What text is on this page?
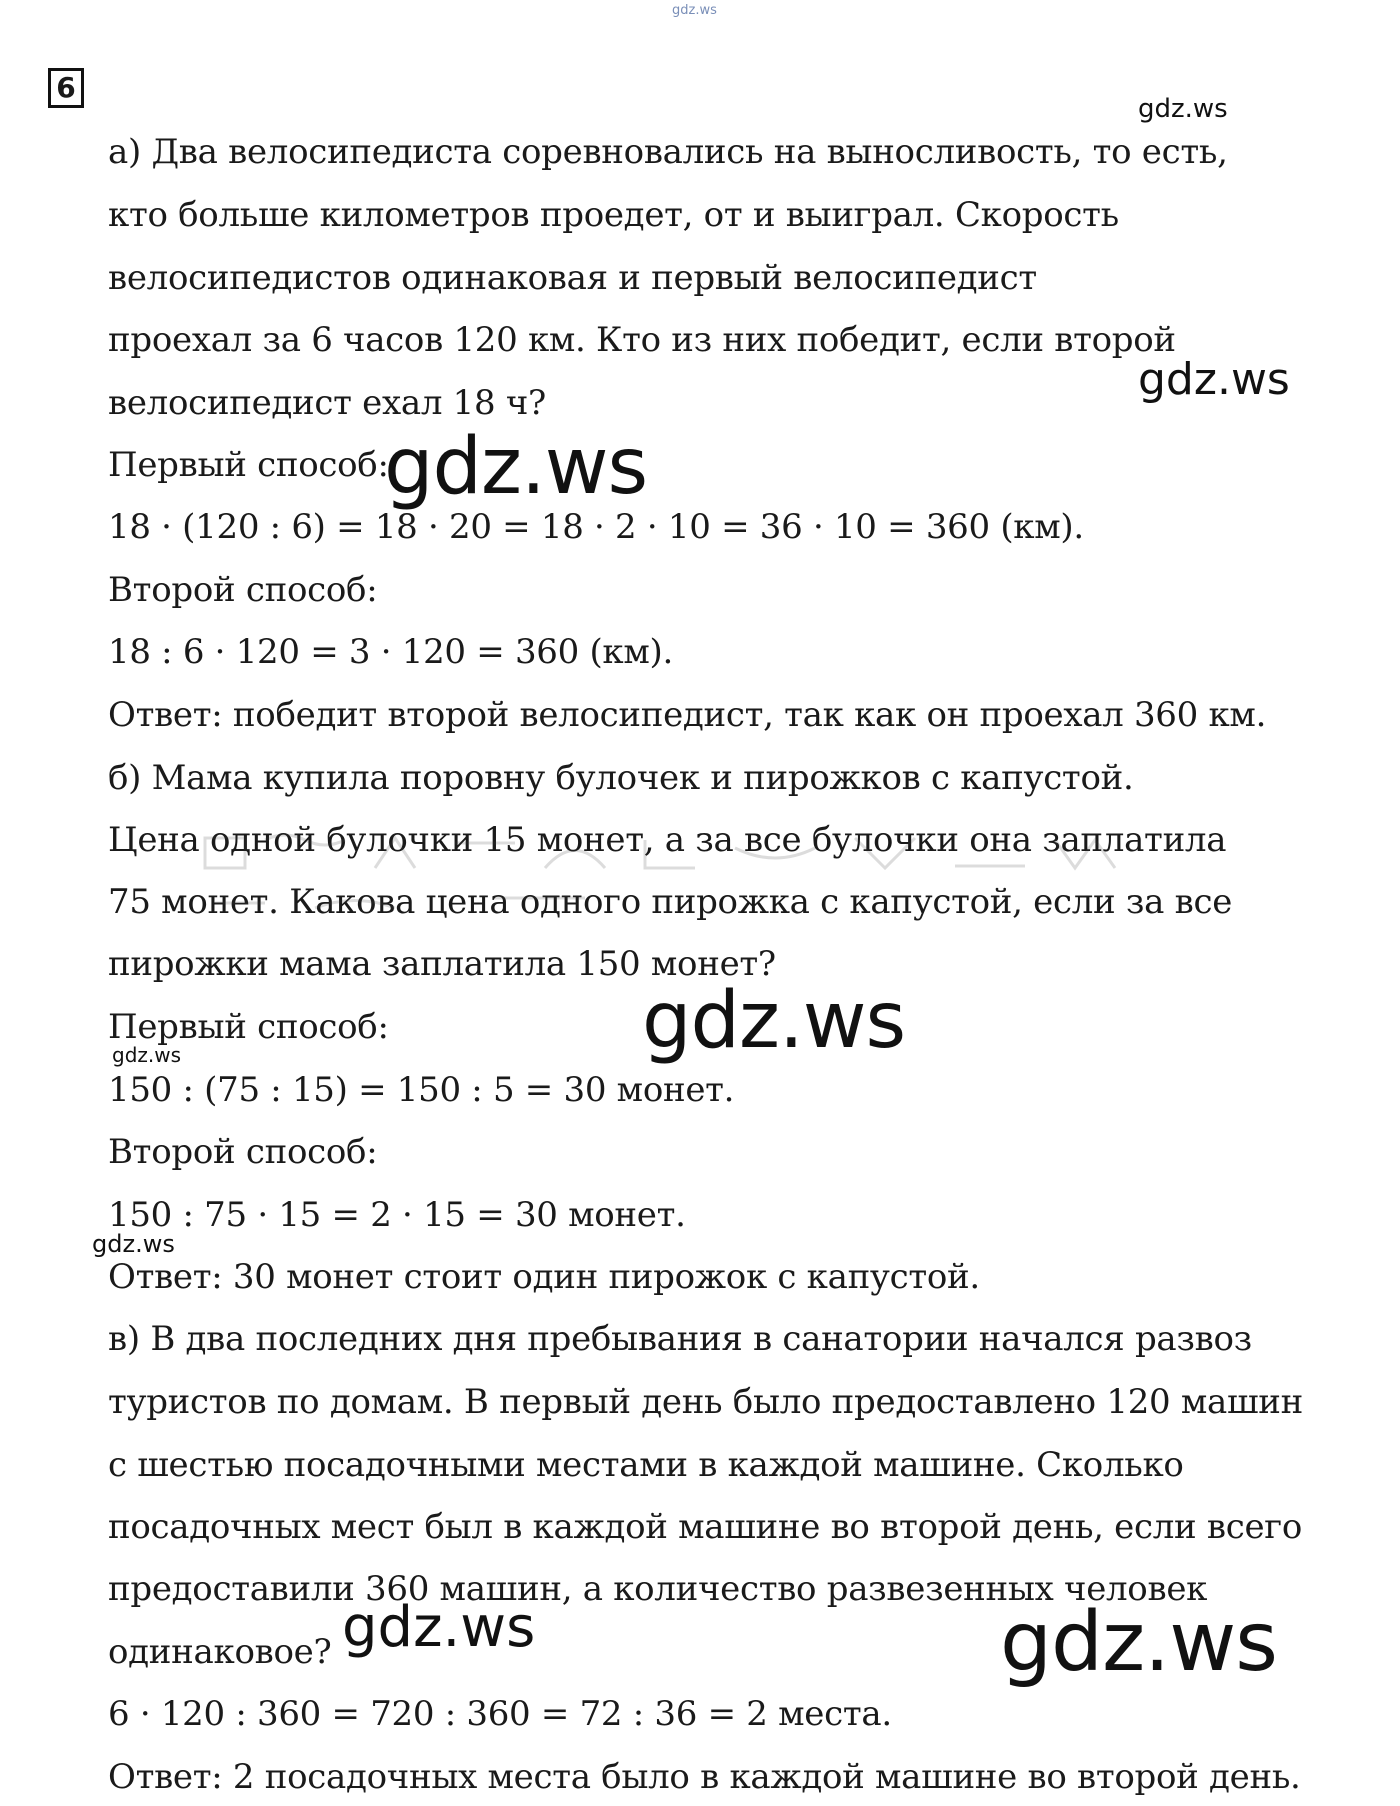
gdz.ws
6
а) Два велосипедиста соревновались на выносливость, то есть,
кто больше километров проедет, от и выиграл. Скорость
велосипедистов одинаковая и первый велосипедист
проехал за 6 часов 120 км. Кто из них победит, если второй
велосипедист ехал 18 ч?
Первый способ:
18 · (120 : 6) = 18 · 20 = 18 · 2 · 10 = 36 · 10 = 360 (км).
Второй способ:
18 : 6 · 120 = 3 · 120 = 360 (км).
Ответ: победит второй велосипедист, так как он проехал 360 км.
б) Мама купила поровну булочек и пирожков с капустой.
Цена одной булочки 15 монет, а за все булочки она заплатила
75 монет. Какова цена одного пирожка с капустой, если за все
пирожки мама заплатила 150 монет?
Первый способ:
150 : (75 : 15) = 150 : 5 = 30 монет.
Второй способ:
150 : 75 · 15 = 2 · 15 = 30 монет.
Ответ: 30 монет стоит один пирожок с капустой.
в) В два последних дня пребывания в санатории начался развоз
туристов по домам. В первый день было предоставлено 120 машин
с шестью посадочными местами в каждой машине. Сколько
посадочных мест был в каждой машине во второй день, если всего
предоставили 360 машин, а количество развезенных человек
одинаковое?
6 · 120 : 360 = 720 : 360 = 72 : 36 = 2 места.
Ответ: 2 посадочных места было в каждой машине во второй день.
gdz.ws
gdz.ws
gdz.ws
gdz.ws
gdz.ws
gdz.ws
gdz.ws	gdz.ws
